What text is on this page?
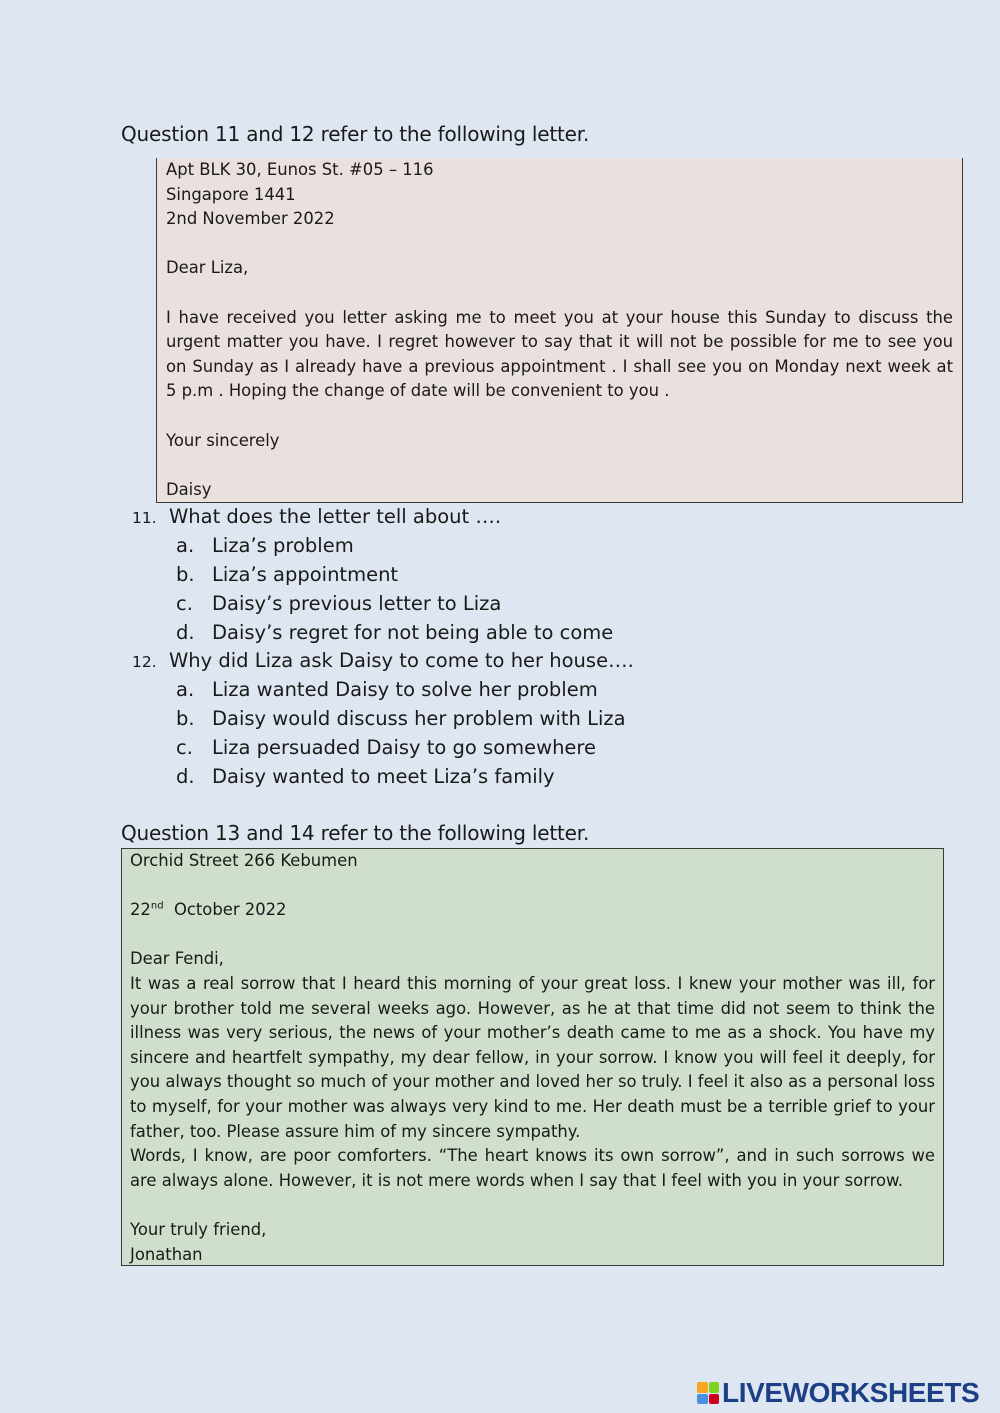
Question 11 and 12 refer to the following letter.
Apt BLK 30, Eunos St. #05 – 116
Singapore 1441
2nd November 2022
Dear Liza,
I have received you letter asking me to meet you at your house this Sunday to discuss the urgent matter you have. I regret however to say that it will not be possible for me to see you on Sunday as I already have a previous appointment . I shall see you on Monday next week at 5 p.m . Hoping the change of date will be convenient to you .
Your sincerely
Daisy
11. What does the letter tell about ….
a. Liza’s problem
b. Liza’s appointment
c. Daisy’s previous letter to Liza
d. Daisy’s regret for not being able to come
12. Why did Liza ask Daisy to come to her house….
a. Liza wanted Daisy to solve her problem
b. Daisy would discuss her problem with Liza
c. Liza persuaded Daisy to go somewhere
d. Daisy wanted to meet Liza’s family
Question 13 and 14 refer to the following letter.
Orchid Street 266 Kebumen
22nd  October 2022
Dear Fendi,
It was a real sorrow that I heard this morning of your great loss. I knew your mother was ill, for your brother told me several weeks ago. However, as he at that time did not seem to think the illness was very serious, the news of your mother’s death came to me as a shock. You have my sincere and heartfelt sympathy, my dear fellow, in your sorrow. I know you will feel it deeply, for you always thought so much of your mother and loved her so truly. I feel it also as a personal loss to myself, for your mother was always very kind to me. Her death must be a terrible grief to your father, too. Please assure him of my sincere sympathy.
Words, I know, are poor comforters. “The heart knows its own sorrow”, and in such sorrows we are always alone. However, it is not mere words when I say that I feel with you in your sorrow.
Your truly friend,
Jonathan
LIVEWORKSHEETS
